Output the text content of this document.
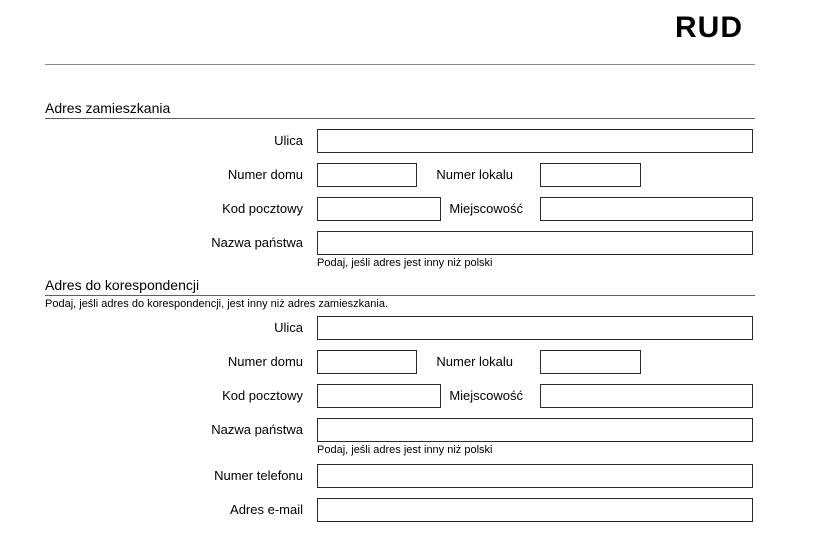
RUD
Adres zamieszkania
Ulica
Numer domu	Numer lokalu
Kod pocztowy	Miejscowość
Nazwa państwa
Podaj, jeśli adres jest inny niż polski
Adres do korespondencji
Podaj, jeśli adres do korespondencji, jest inny niż adres zamieszkania.
Ulica
Numer domu	Numer lokalu
Kod pocztowy	Miejscowość
Nazwa państwa
Podaj, jeśli adres jest inny niż polski
Numer telefonu
Adres e-mail
